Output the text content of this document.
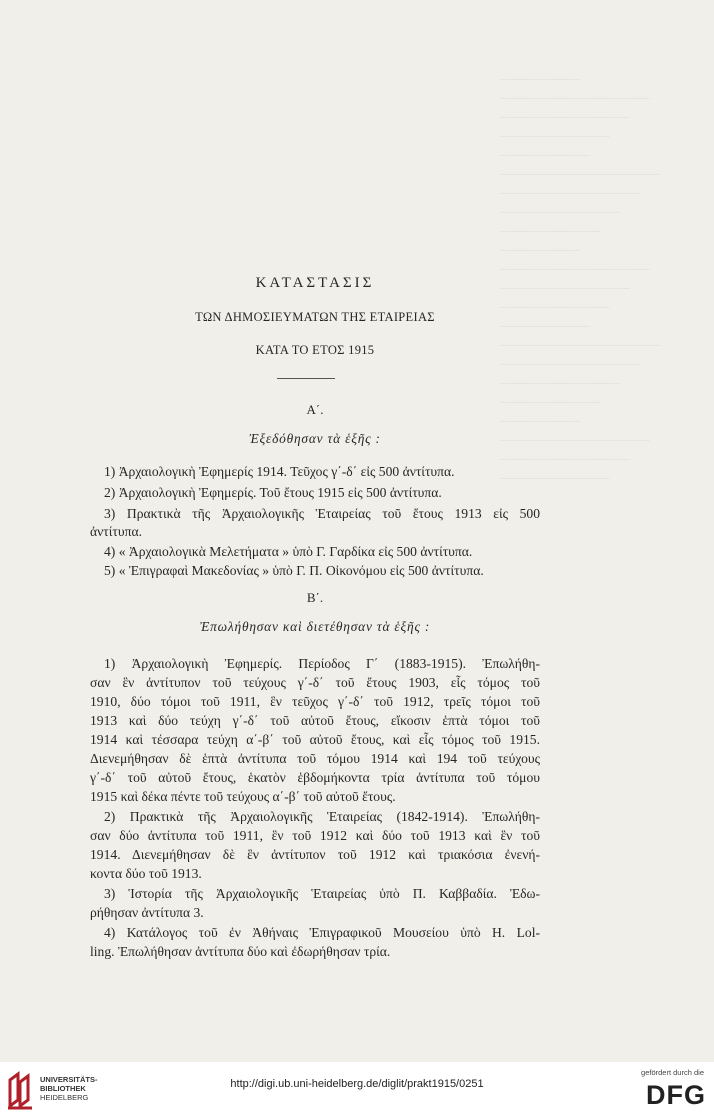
————————
———————————————
—————————————
———————————
—————————
————————————————
——————————————
————————————
——————————
————————
———————————————
—————————————
———————————
—————————
————————————————
——————————————
————————————
——————————
————————
———————————————
—————————————
———————————
ΚΑΤΑΣΤΑΣΙΣ
ΤΩΝ ΔΗΜΟΣΙΕΥΜΑΤΩΝ ΤΗΣ ΕΤΑΙΡΕΙΑΣ
ΚΑΤΑ ΤΟ ΕΤΟΣ 1915
Α΄.
Ἐξεδόθησαν τὰ ἑξῆς :
1) Ἀρχαιολογικὴ Ἐφημερίς 1914. Τεῦχος γ΄-δ΄ εἰς 500 ἀντίτυπα.
2) Ἀρχαιολογικὴ Ἐφημερίς. Τοῦ ἔτους 1915 εἰς 500 ἀντίτυπα.
3) Πρακτικὰ τῆς Ἀρχαιολογικῆς Ἑταιρείας τοῦ ἔτους 1913 εἰς 500
ἀντίτυπα.
4) « Ἀρχαιολογικὰ Μελετήματα » ὑπὸ Γ. Γαρδίκα εἰς 500 ἀντίτυπα.
5) « Ἐπιγραφαὶ Μακεδονίας » ὑπὸ Γ. Π. Οἰκονόμου εἰς 500 ἀντίτυπα.
Β΄.
Ἐπωλήθησαν καὶ διετέθησαν τὰ ἑξῆς :
1) Ἀρχαιολογικὴ Ἐφημερίς. Περίοδος Γ΄ (1883-1915). Ἐπωλήθη-
σαν ἓν ἀντίτυπον τοῦ τεύχους γ΄-δ΄ τοῦ ἔτους 1903, εἷς τόμος τοῦ
1910, δύο τόμοι τοῦ 1911, ἓν τεῦχος γ΄-δ΄ τοῦ 1912, τρεῖς τόμοι τοῦ
1913 καὶ δύο τεύχη γ΄-δ΄ τοῦ αὐτοῦ ἔτους, εἴκοσιν ἑπτὰ τόμοι τοῦ
1914 καὶ τέσσαρα τεύχη α΄-β΄ τοῦ αὐτοῦ ἔτους, καὶ εἷς τόμος τοῦ 1915.
Διενεμήθησαν δὲ ἑπτὰ ἀντίτυπα τοῦ τόμου 1914 καὶ 194 τοῦ τεύχους
γ΄-δ΄ τοῦ αὐτοῦ ἔτους, ἑκατὸν ἑβδομήκοντα τρία ἀντίτυπα τοῦ τόμου
1915 καὶ δέκα πέντε τοῦ τεύχους α΄-β΄ τοῦ αὐτοῦ ἔτους.
2) Πρακτικὰ τῆς Ἀρχαιολογικῆς Ἑταιρείας (1842-1914). Ἐπωλήθη-
σαν δύο ἀντίτυπα τοῦ 1911, ἓν τοῦ 1912 καὶ δύο τοῦ 1913 καὶ ἓν τοῦ
1914. Διενεμήθησαν δὲ ἓν ἀντίτυπον τοῦ 1912 καὶ τριακόσια ἐνενή-
κοντα δύο τοῦ 1913.
3) Ἱστορία τῆς Ἀρχαιολογικῆς Ἑταιρείας ὑπὸ Π. Καββαδία. Ἐδω-
ρήθησαν ἀντίτυπα 3.
4) Κατάλογος τοῦ ἐν Ἀθήναις Ἐπιγραφικοῦ Μουσείου ὑπὸ Η. Lol-
ling. Ἐπωλήθησαν ἀντίτυπα δύο καὶ ἐδωρήθησαν τρία.
UNIVERSITÄTS-
BIBLIOTHEK
HEIDELBERG
http://digi.ub.uni-heidelberg.de/diglit/prakt1915/0251
gefördert durch die
DFG
